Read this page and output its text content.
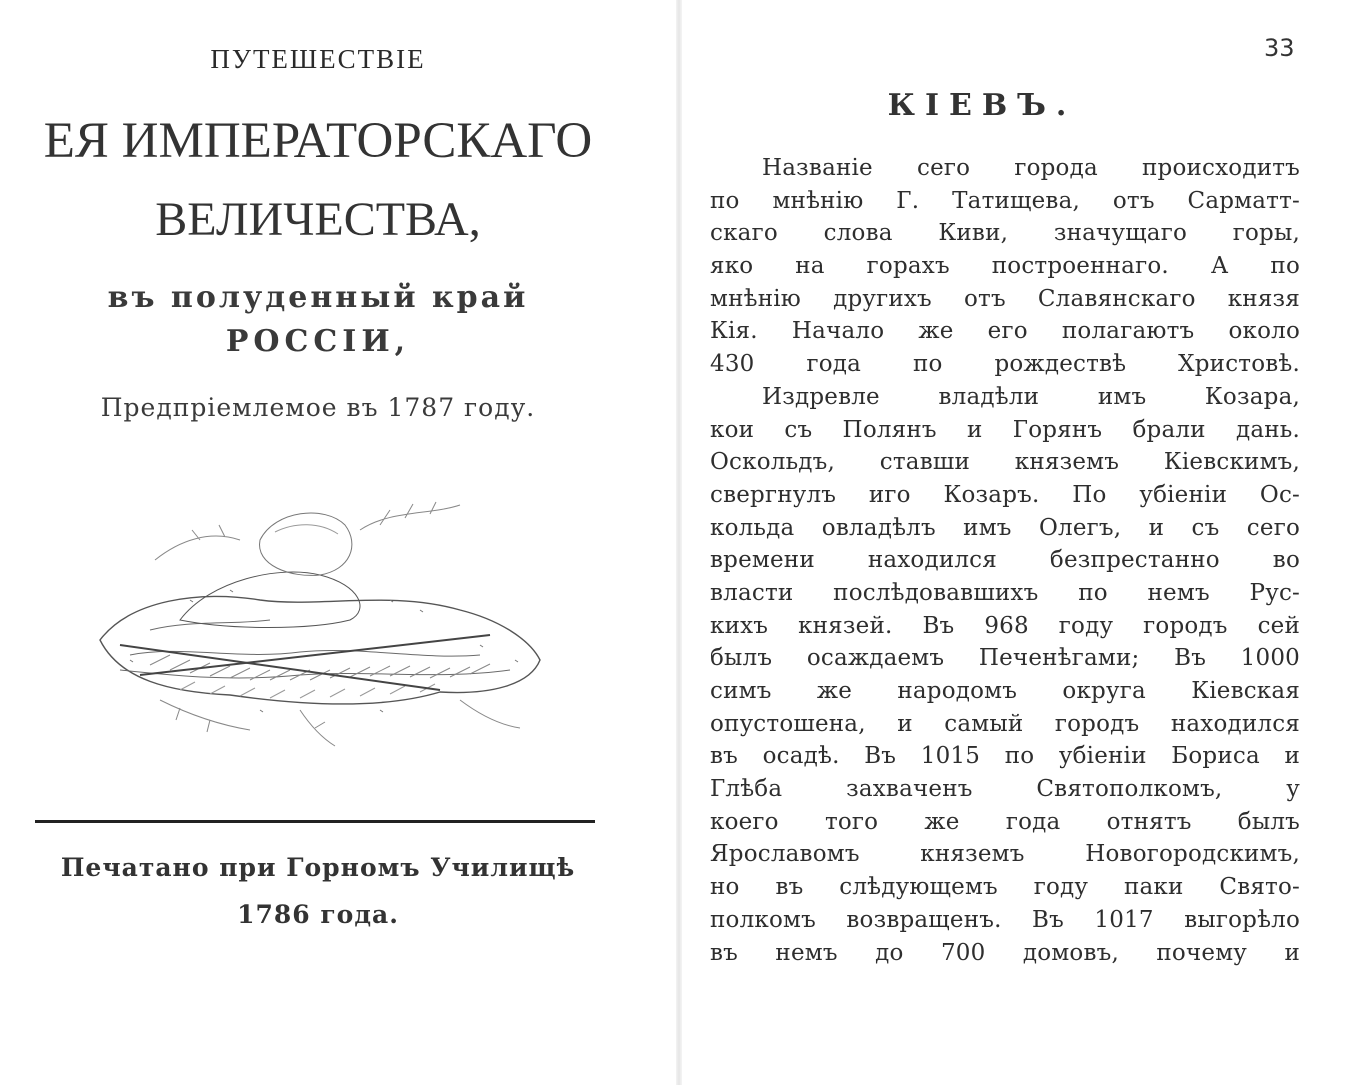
ПУТЕШЕСТВІЕ
ЕЯ ИМПЕРАТОРСКАГО
ВЕЛИЧЕСТВА,
въ полуденный край
РОССІИ,
Предпріемлемое въ 1787 году.
Печатано при Горномъ Училищѣ
1786 года.
33
КІЕВЪ.
Названіе сего города происходитъ
по мнѣнію Г. Татищева, отъ Сарматт-
скаго слова Киви, значущаго горы,
яко на горахъ построеннаго. А по
мнѣнію другихъ отъ Славянскаго князя
Кія. Начало же его полагаютъ около
430 года по рождествѣ Христовѣ.
Издревле владѣли имъ Козара,
кои съ Полянъ и Горянъ брали дань.
Оскольдъ, ставши княземъ Кіевскимъ,
свергнулъ иго Козаръ. По убіеніи Ос-
кольда овладѣлъ имъ Олегъ, и съ сего
времени находился безпрестанно во
власти послѣдовавшихъ по немъ Рус-
кихъ князей. Въ 968 году городъ сей
былъ осаждаемъ Печенѣгами; Въ 1000
симъ же народомъ округа Кіевская
опустошена, и самый городъ находился
въ осадѣ. Въ 1015 по убіеніи Бориса и
Глѣба захваченъ Святополкомъ, у
коего того же года отнятъ былъ
Ярославомъ княземъ Новогородскимъ,
но въ слѣдующемъ году паки Свято-
полкомъ возвращенъ. Въ 1017 выгорѣло
въ немъ до 700 домовъ, почему и
